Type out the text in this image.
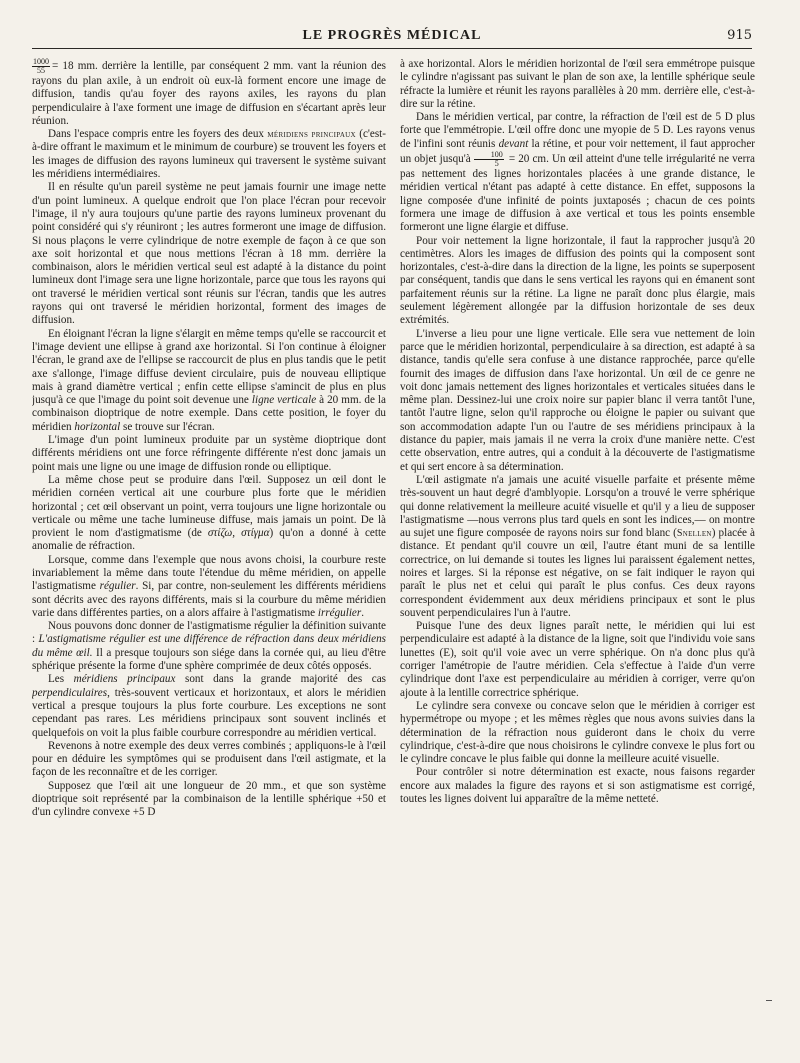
LE PROGRÈS MÉDICAL	915

$\frac{1000}{55} = 18$ mm. derrière la lentille, par conséquent 2 mm. vant la réunion des rayons du plan axile, à un endroit où eux-là forment encore une image de diffusion, tandis qu'au foyer des rayons axiles, les rayons du plan perpendiculaire à l'axe forment une image de diffusion en s'écartant après leur réunion.

Dans l'espace compris entre les foyers des deux méridiens principaux (c'est-à-dire offrant le maximum et le minimum de courbure) se trouvent les foyers et les images de diffusion des rayons lumineux qui traversent le système suivant les méridiens intermédiaires.

Il en résulte qu'un pareil système ne peut jamais fournir une image nette d'un point lumineux. A quelque endroit que l'on place l'écran pour recevoir l'image, il n'y aura toujours qu'une partie des rayons lumineux provenant du point considéré qui s'y réuniront ; les autres formeront une image de diffusion. Si nous plaçons le verre cylindrique de notre exemple de façon à ce que son axe soit horizontal et que nous mettions l'écran à 18 mm. derrière la combinaison, alors le méridien vertical seul est adapté à la distance du point lumineux dont l'image sera une ligne horizontale, parce que tous les rayons qui ont traversé le méridien vertical sont réunis sur l'écran, tandis que les autres rayons qui ont traversé le méridien horizontal, forment des images de diffusion.

En éloignant l'écran la ligne s'élargit en même temps qu'elle se raccourcit et l'image devient une ellipse à grand axe horizontal. Si l'on continue à éloigner l'écran, le grand axe de l'ellipse se raccourcit de plus en plus tandis que le petit axe s'allonge, l'image diffuse devient circulaire, puis de nouveau elliptique mais à grand diamètre vertical ; enfin cette ellipse s'amincit de plus en plus jusqu'à ce que l'image du point soit devenue une ligne verticale à 20 mm. de la combinaison dioptrique de notre exemple. Dans cette position, le foyer du méridien horizontal se trouve sur l'écran.

L'image d'un point lumineux produite par un système dioptrique dont différents méridiens ont une force réfringente différente n'est donc jamais un point mais une ligne ou une image de diffusion ronde ou elliptique.

La même chose peut se produire dans l'œil. Supposez un œil dont le méridien cornéen vertical ait une courbure plus forte que le méridien horizontal ; cet œil observant un point, verra toujours une ligne horizontale ou verticale ou même une tache lumineuse diffuse, mais jamais un point. De là provient le nom d'astigmatisme (de στίζω, στίγμα) qu'on a donné à cette anomalie de réfraction.

Lorsque, comme dans l'exemple que nous avons choisi, la courbure reste invariablement la même dans toute l'étendue du même méridien, on appelle l'astigmatisme régulier. Si, par contre, non-seulement les différents méridiens sont décrits avec des rayons différents, mais si la courbure du même méridien varie dans différentes parties, on a alors affaire à l'astigmatisme irrégulier.

Nous pouvons donc donner de l'astigmatisme régulier la définition suivante : L'astigmatisme régulier est une différence de réfraction dans deux méridiens du même œil. Il a presque toujours son siége dans la cornée qui, au lieu d'être sphérique présente la forme d'une sphère comprimée de deux côtés opposés.

Les méridiens principaux sont dans la grande majorité des cas perpendiculaires, très-souvent verticaux et horizontaux, et alors le méridien vertical a presque toujours la plus forte courbure. Les exceptions ne sont cependant pas rares. Les méridiens principaux sont souvent inclinés et quelquefois on voit la plus faible courbure correspondre au méridien vertical.

Revenons à notre exemple des deux verres combinés ; appliquons-le à l'œil pour en déduire les symptômes qui se produisent dans l'œil astigmate, et la façon de les reconnaître et de les corriger.

Supposez que l'œil ait une longueur de 20 mm., et que son système dioptrique soit représenté par la combinaison de la lentille sphérique +50 et d'un cylindre convexe +5 D

à axe horizontal. Alors le méridien horizontal de l'œil sera emmétrope puisque le cylindre n'agissant pas suivant le plan de son axe, la lentille sphérique seule réfracte la lumière et réunit les rayons parallèles à 20 mm. derrière elle, c'est-à-dire sur la rétine.

Dans le méridien vertical, par contre, la réfraction de l'œil est de 5 D plus forte que l'emmétropie. L'œil offre donc une myopie de 5 D. Les rayons venus de l'infini sont réunis devant la rétine, et pour voir nettement, il faut approcher un objet jusqu'à $\frac{100}{5} = 20$ cm. Un œil atteint d'une telle irrégularité ne verra pas nettement des lignes horizontales placées à une grande distance, le méridien vertical n'étant pas adapté à cette distance. En effet, supposons la ligne composée d'une infinité de points juxtaposés ; chacun de ces points formera une image de diffusion à axe vertical et tous les points ensemble formeront une ligne élargie et diffuse.

Pour voir nettement la ligne horizontale, il faut la rapprocher jusqu'à 20 centimètres. Alors les images de diffusion des points qui la composent sont horizontales, c'est-à-dire dans la direction de la ligne, les points se superposent par conséquent, tandis que dans le sens vertical les rayons qui en émanent sont parfaitement réunis sur la rétine. La ligne ne paraît donc plus élargie, mais seulement légèrement allongée par la diffusion horizontale de ses deux extrémités.

L'inverse a lieu pour une ligne verticale. Elle sera vue nettement de loin parce que le méridien horizontal, perpendiculaire à sa direction, est adapté à sa distance, tandis qu'elle sera confuse à une distance rapprochée, parce qu'elle fournit des images de diffusion dans l'axe horizontal. Un œil de ce genre ne voit donc jamais nettement des lignes horizontales et verticales situées dans le même plan. Dessinez-lui une croix noire sur papier blanc il verra tantôt l'une, tantôt l'autre ligne, selon qu'il rapproche ou éloigne le papier ou suivant que son accommodation adapte l'un ou l'autre de ses méridiens principaux à la distance du papier, mais jamais il ne verra la croix d'une manière nette. C'est cette observation, entre autres, qui a conduit à la découverte de l'astigmatisme et qui sert encore à sa détermination.

L'œil astigmate n'a jamais une acuité visuelle parfaite et présente même très-souvent un haut degré d'amblyopie. Lorsqu'on a trouvé le verre sphérique qui donne relativement la meilleure acuité visuelle et qu'il y a lieu de supposer l'astigmatisme —nous verrons plus tard quels en sont les indices,— on montre au sujet une figure composée de rayons noirs sur fond blanc (Snellen) placée à distance. Et pendant qu'il couvre un œil, l'autre étant muni de sa lentille correctrice, on lui demande si toutes les lignes lui paraissent également nettes, noires et larges. Si la réponse est négative, on se fait indiquer le rayon qui paraît le plus net et celui qui paraît le plus confus. Ces deux rayons correspondent évidemment aux deux méridiens principaux et sont le plus souvent perpendiculaires l'un à l'autre.

Puisque l'une des deux lignes paraît nette, le méridien qui lui est perpendiculaire est adapté à la distance de la ligne, soit que l'individu voie sans lunettes (E), soit qu'il voie avec un verre sphérique. On n'a donc plus qu'à corriger l'amétropie de l'autre méridien. Cela s'effectue à l'aide d'un verre cylindrique dont l'axe est perpendiculaire au méridien à corriger, verre qu'on ajoute à la lentille correctrice sphérique.

Le cylindre sera convexe ou concave selon que le méridien à corriger est hypermétrope ou myope ; et les mêmes règles que nous avons suivies dans la détermination de la réfraction nous guideront dans le choix du verre cylindrique, c'est-à-dire que nous choisirons le cylindre convexe le plus fort ou le cylindre concave le plus faible qui donne la meilleure acuité visuelle.

Pour contrôler si notre détermination est exacte, nous faisons regarder encore aux malades la figure des rayons et si son astigmatisme est corrigé, toutes les lignes doivent lui apparaître de la même netteté.
